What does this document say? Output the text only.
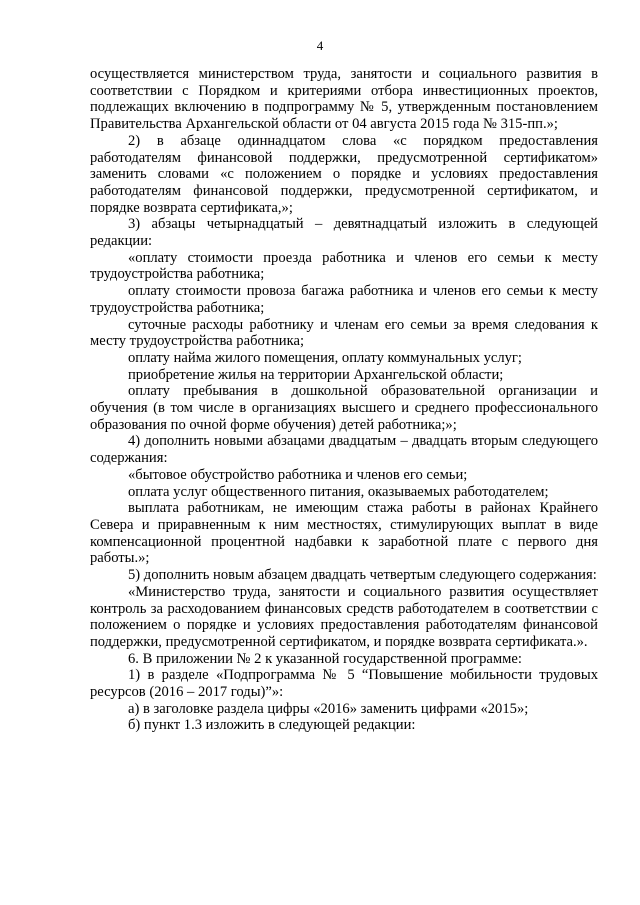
4

осуществляется министерством труда, занятости и социального развития в соответствии с Порядком и критериями отбора инвестиционных проектов, подлежащих включению в подпрограмму № 5, утвержденным постановлением Правительства Архангельской области от 04 августа 2015 года № 315-пп.»;

2) в абзаце одиннадцатом слова «с порядком предоставления работодателям финансовой поддержки, предусмотренной сертификатом» заменить словами «с положением о порядке и условиях предоставления работодателям финансовой поддержки, предусмотренной сертификатом, и порядке возврата сертификата,»;

3) абзацы четырнадцатый – девятнадцатый изложить в следующей редакции:

«оплату стоимости проезда работника и членов его семьи к месту трудоустройства работника;

оплату стоимости провоза багажа работника и членов его семьи к месту трудоустройства работника;

суточные расходы работнику и членам его семьи за время следования к месту трудоустройства работника;

оплату найма жилого помещения, оплату коммунальных услуг;

приобретение жилья на территории Архангельской области;

оплату пребывания в дошкольной образовательной организации и обучения (в том числе в организациях высшего и среднего профессионального образования по очной форме обучения) детей работника;»;

4) дополнить новыми абзацами двадцатым – двадцать вторым следующего содержания:

«бытовое обустройство работника и членов его семьи;

оплата услуг общественного питания, оказываемых работодателем;

выплата работникам, не имеющим стажа работы в районах Крайнего Севера и приравненным к ним местностях, стимулирующих выплат в виде компенсационной процентной надбавки к заработной плате с первого дня работы.»;

5) дополнить новым абзацем двадцать четвертым следующего содержания:

«Министерство труда, занятости и социального развития осуществляет контроль за расходованием финансовых средств работодателем в соответствии с положением о порядке и условиях предоставления работодателям финансовой поддержки, предусмотренной сертификатом, и порядке возврата сертификата.».

6. В приложении № 2 к указанной государственной программе:

1) в разделе «Подпрограмма № 5 “Повышение мобильности трудовых ресурсов (2016 – 2017 годы)”»:

а) в заголовке раздела цифры «2016» заменить цифрами «2015»;

б) пункт 1.3 изложить в следующей редакции:
